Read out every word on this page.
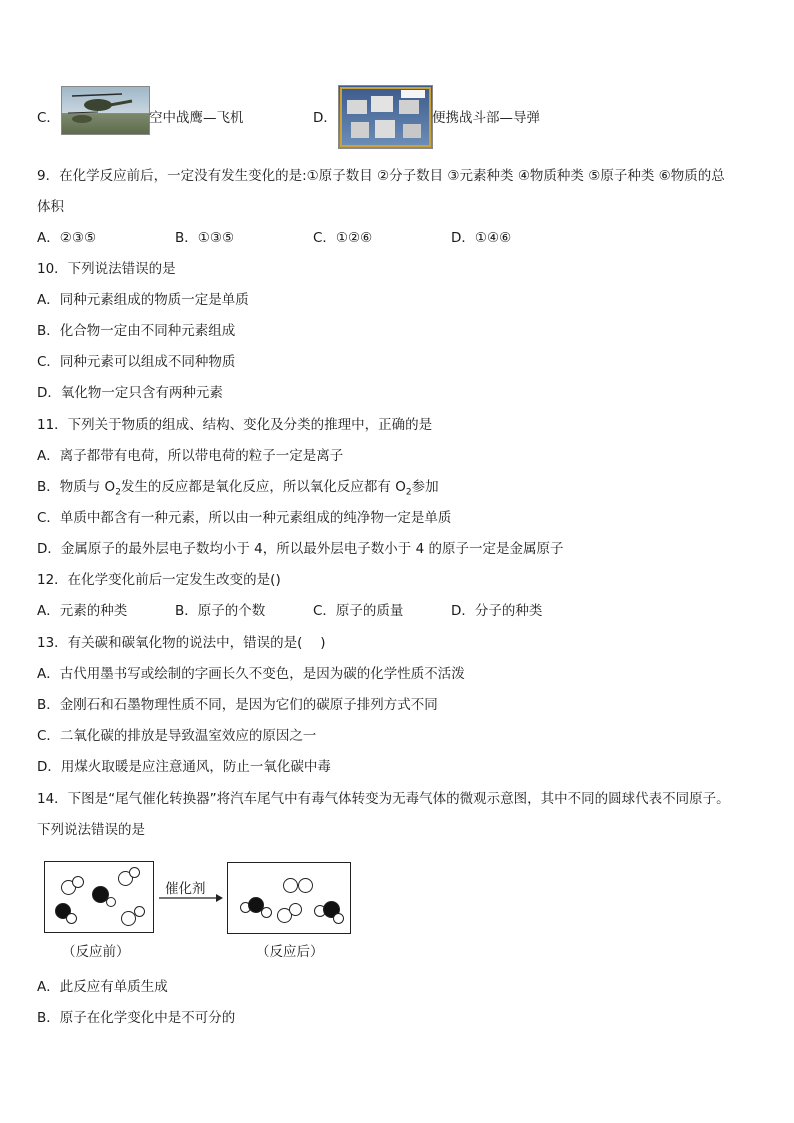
C．	空中战鹰—飞机	D．	便携战斗部—导弹
9．在化学反应前后，一定没有发生变化的是:①原子数目 ②分子数目 ③元素种类 ④物质种类 ⑤原子种类 ⑥物质的总
体积
A．②③⑤	B．①③⑤	C．①②⑥	D．①④⑥
10．下列说法错误的是
A．同种元素组成的物质一定是单质
B．化合物一定由不同种元素组成
C．同种元素可以组成不同种物质
D．氧化物一定只含有两种元素
11．下列关于物质的组成、结构、变化及分类的推理中，正确的是
A．离子都带有电荷，所以带电荷的粒子一定是离子
B．物质与 $O_2$发生的反应都是氧化反应，所以氧化反应都有 $O_2$参加
C．单质中都含有一种元素，所以由一种元素组成的纯净物一定是单质
D．金属原子的最外层电子数均小于 4，所以最外层电子数小于 4 的原子一定是金属原子
12．在化学变化前后一定发生改变的是()
A．元素的种类	B．原子的个数	C．原子的质量	D．分子的种类
13．有关碳和碳氧化物的说法中，错误的是(　 )
A．古代用墨书写或绘制的字画长久不变色，是因为碳的化学性质不活泼
B．金刚石和石墨物理性质不同，是因为它们的碳原子排列方式不同
C．二氧化碳的排放是导致温室效应的原因之一
D．用煤火取暖是应注意通风，防止一氧化碳中毒
14．下图是“尾气催化转换器”将汽车尾气中有毒气体转变为无毒气体的微观示意图，其中不同的圆球代表不同原子。
下列说法错误的是
催化剂
（反应前）	（反应后）
A．此反应有单质生成
B．原子在化学变化中是不可分的
